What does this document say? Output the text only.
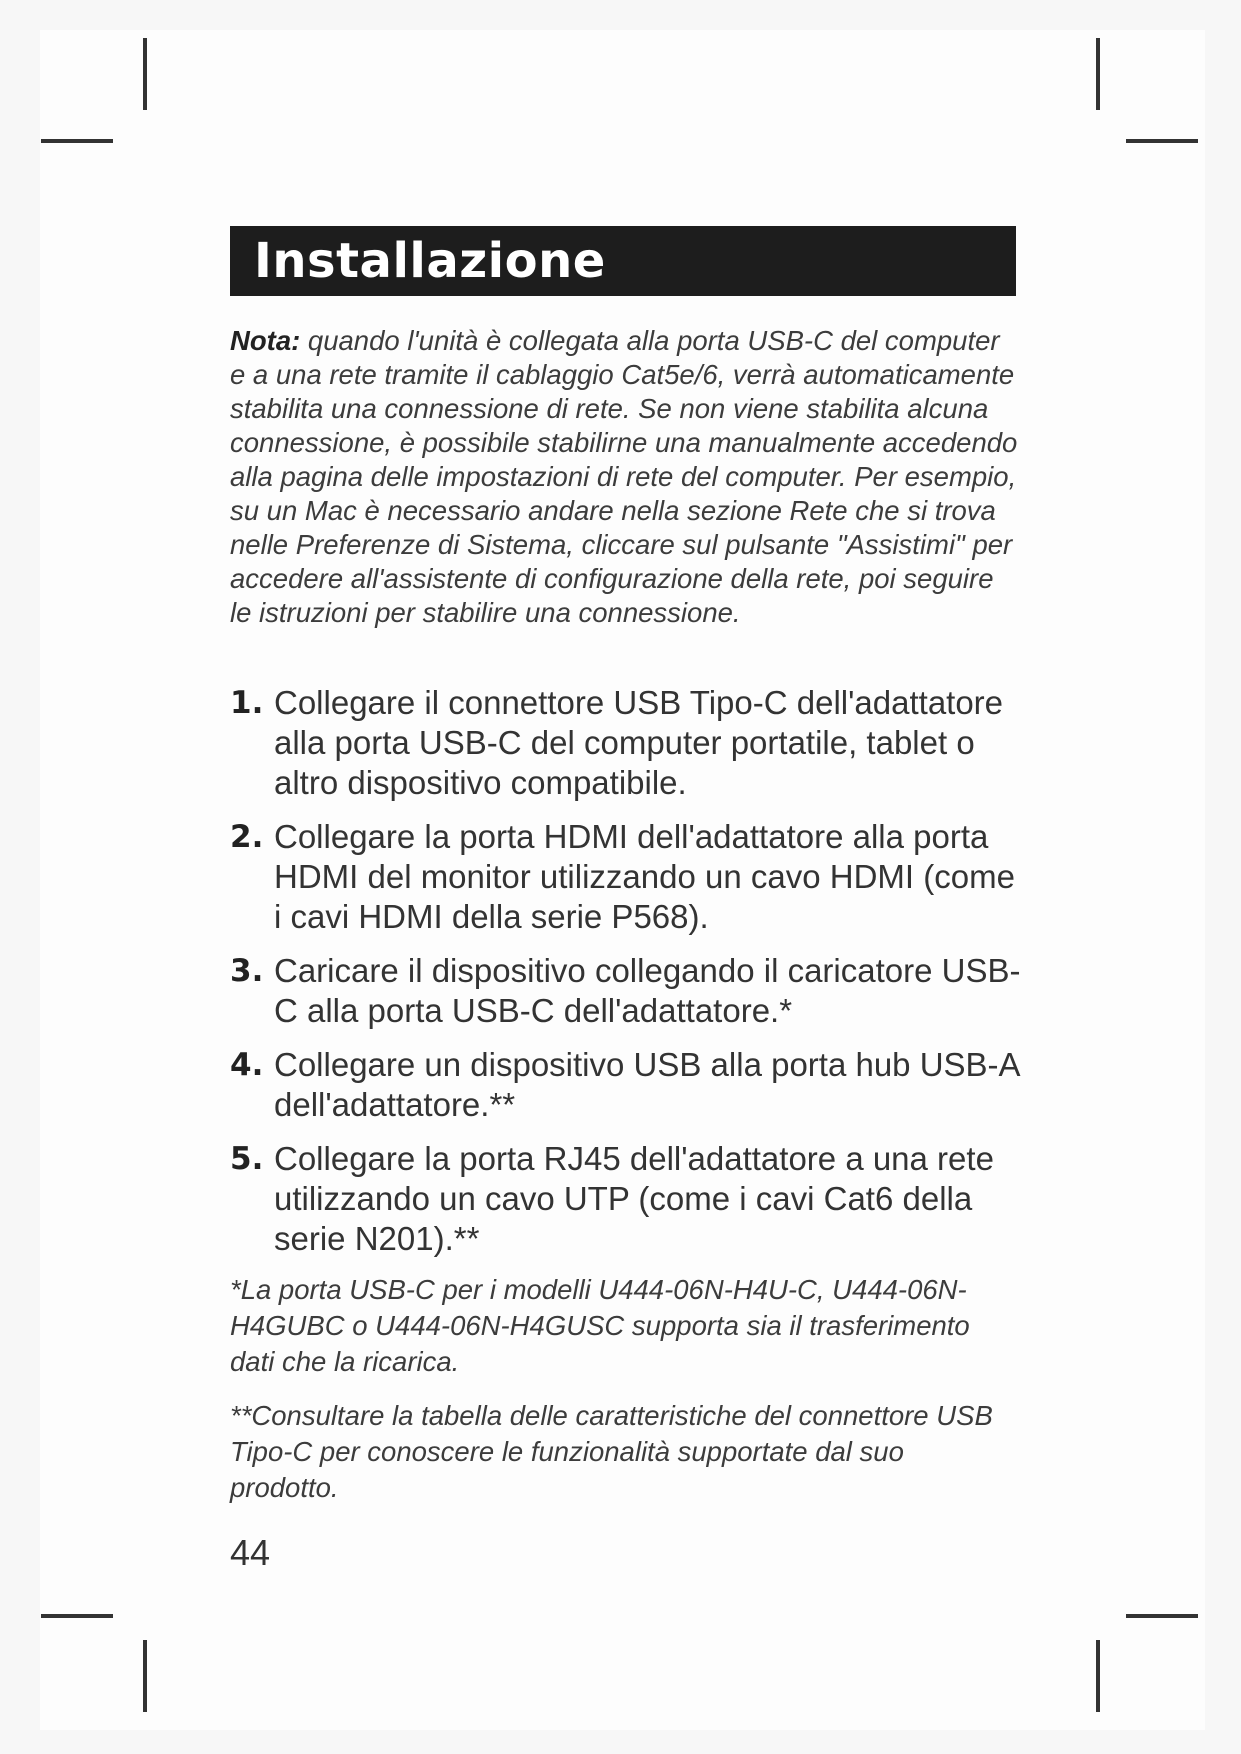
Installazione

Nota: quando l'unità è collegata alla porta USB-C del computer e a una rete tramite il cablaggio Cat5e/6, verrà automaticamente stabilita una connessione di rete. Se non viene stabilita alcuna connessione, è possibile stabilirne una manualmente accedendo alla pagina delle impostazioni di rete del computer. Per esempio, su un Mac è necessario andare nella sezione Rete che si trova nelle Preferenze di Sistema, cliccare sul pulsante "Assistimi" per accedere all'assistente di configurazione della rete, poi seguire le istruzioni per stabilire una connessione.

1. Collegare il connettore USB Tipo-C dell'adattatore alla porta USB-C del computer portatile, tablet o altro dispositivo compatibile.
2. Collegare la porta HDMI dell'adattatore alla porta HDMI del monitor utilizzando un cavo HDMI (come i cavi HDMI della serie P568).
3. Caricare il dispositivo collegando il caricatore USB-C alla porta USB-C dell'adattatore.*
4. Collegare un dispositivo USB alla porta hub USB-A dell'adattatore.**
5. Collegare la porta RJ45 dell'adattatore a una rete utilizzando un cavo UTP (come i cavi Cat6 della serie N201).**

*La porta USB-C per i modelli U444-06N-H4U-C, U444-06N-H4GUBC o U444-06N-H4GUSC supporta sia il trasferimento dati che la ricarica.

**Consultare la tabella delle caratteristiche del connettore USB Tipo-C per conoscere le funzionalità supportate dal suo prodotto.

44
